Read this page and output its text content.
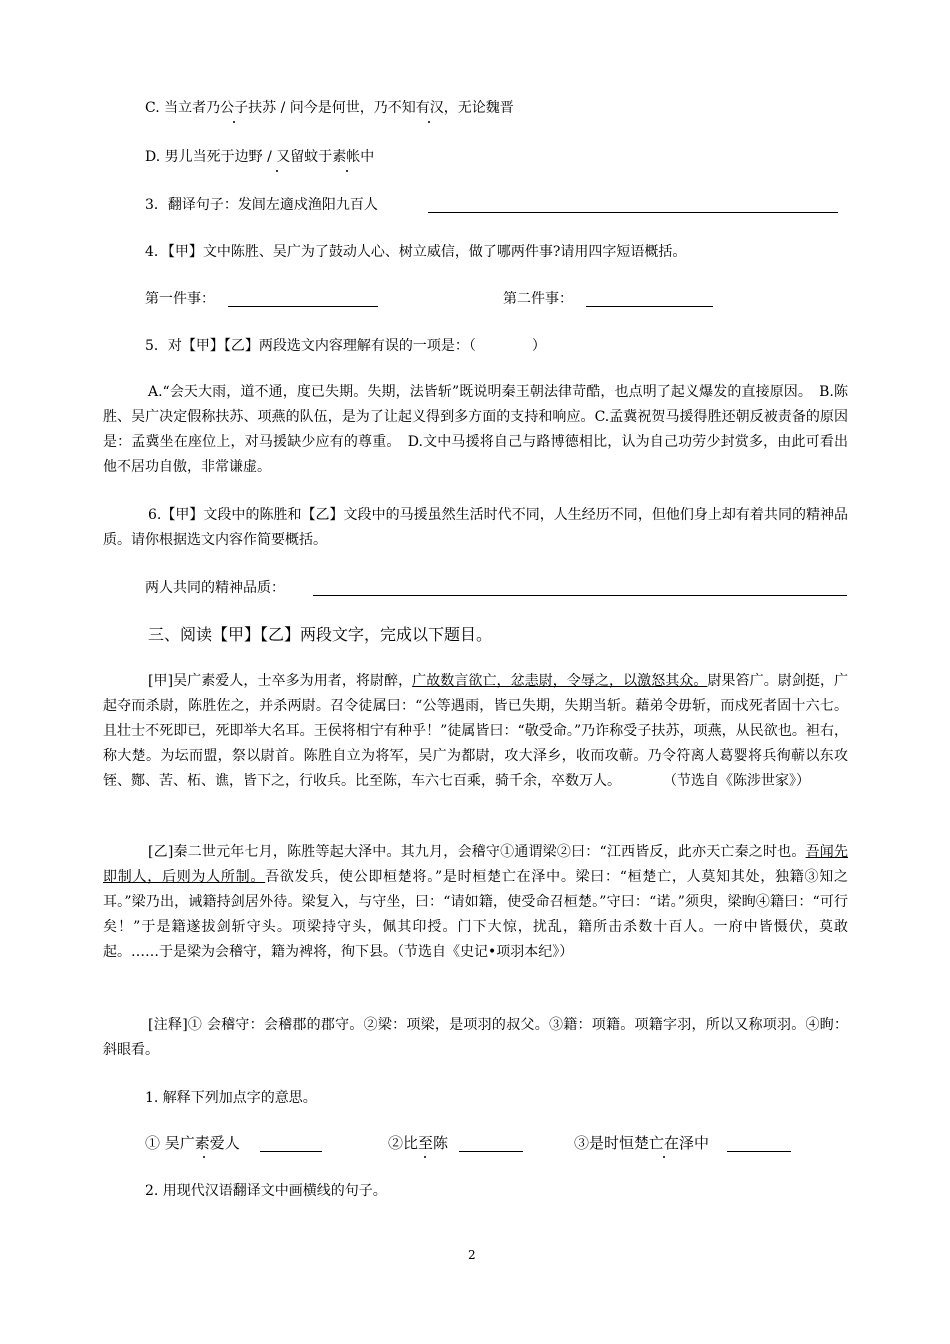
C. 当立者乃公子扶苏 / 问今是何世，乃不知有汉，无论魏晋
D. 男儿当死于边野 / 又留蚊于素帐中
3．翻译句子：发闾左適戍渔阳九百人
4．【甲】文中陈胜、吴广为了鼓动人心、树立威信，做了哪两件事?请用四字短语概括。
第一件事：	第二件事：
5．对【甲】【乙】两段选文内容理解有误的一项是：（　　　　）
A.“会天大雨，道不通，度已失期。失期，法皆斩”既说明秦王朝法律苛酷，也点明了起义爆发的直接原因。　B.陈胜、吴广决定假称扶苏、项燕的队伍，是为了让起义得到多方面的支持和响应。C.孟冀祝贺马援得胜还朝反被责备的原因是：孟冀坐在座位上，对马援缺少应有的尊重。　D.文中马援将自己与路博德相比，认为自己功劳少封赏多，由此可看出他不居功自傲，非常谦虚。
6.【甲】文段中的陈胜和【乙】文段中的马援虽然生活时代不同，人生经历不同，但他们身上却有着共同的精神品质。请你根据选文内容作简要概括。
两人共同的精神品质：
三、阅读【甲】【乙】两段文字，完成以下题目。
[甲]吴广素爱人，士卒多为用者，将尉醉，广故数言欲亡，忿恚尉，令辱之，以激怒其众。尉果笞广。尉剑挺，广起夺而杀尉，陈胜佐之，并杀两尉。召令徒属曰：“公等遇雨，皆已失期，失期当斩。藉弟令毋斩，而戍死者固十六七。且壮士不死即已，死即举大名耳。王侯将相宁有种乎！”徒属皆曰：“敬受命。”乃诈称受子扶苏，项燕，从民欲也。袒右，称大楚。为坛而盟，祭以尉首。陈胜自立为将军，吴广为都尉，攻大泽乡，收而攻蕲。乃令符离人葛婴将兵徇蕲以东攻铚、酂、苦、柘、谯，皆下之，行收兵。比至陈，车六七百乘，骑千余，卒数万人。　　　　	（节选自《陈涉世家》）
[乙]秦二世元年七月，陈胜等起大泽中。其九月，会稽守①通谓梁②曰：“江西皆反，此亦天亡秦之时也。吾闻先即制人，后则为人所制。吾欲发兵，使公即桓楚将。”是时桓楚亡在泽中。梁曰：“桓楚亡，人莫知其处，独籍③知之耳。”梁乃出，诫籍持剑居外待。梁复入，与守坐，曰：“请如籍，使受命召桓楚。”守曰：“诺。”须臾，梁眴④籍曰：“可行矣！”于是籍遂拔剑斩守头。项梁持守头，佩其印授。门下大惊，扰乱，籍所击杀数十百人。一府中皆慑伏，莫敢起。……于是梁为会稽守，籍为裨将，徇下县。（节选自《史记•项羽本纪》）
[注释]① 会稽守：会稽郡的郡守。②梁：项梁，是项羽的叔父。③籍：项籍。项籍字羽，所以又称项羽。④眴：斜眼看。
1. 解释下列加点字的意思。
① 吴广素爱人	②比至陈	③是时恒楚亡在泽中
2. 用现代汉语翻译文中画横线的句子。
2
